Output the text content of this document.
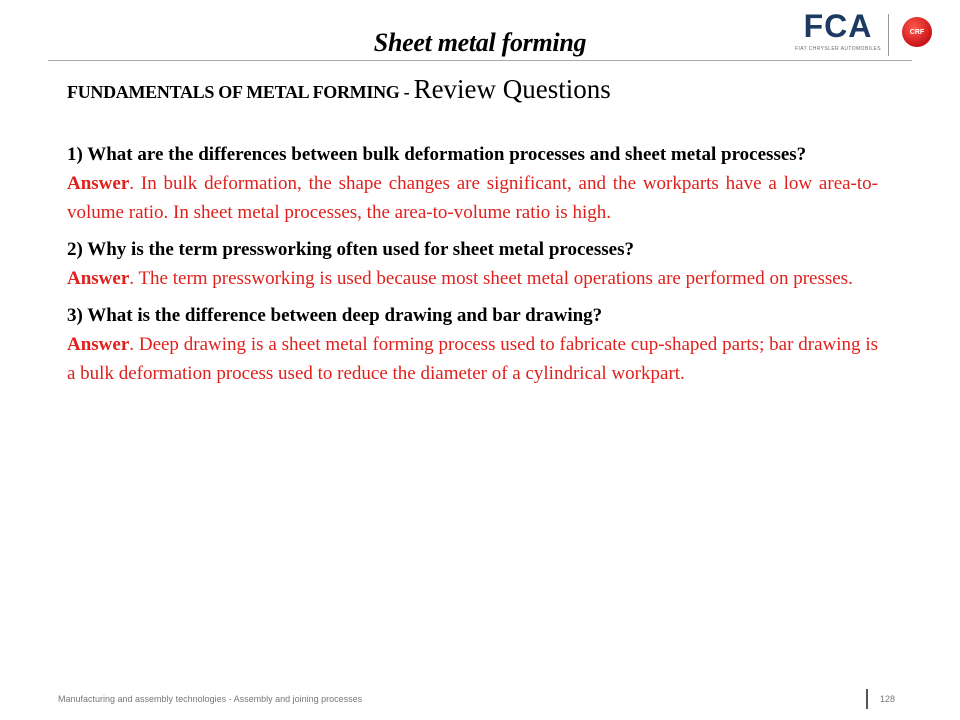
Sheet metal forming	FCA
FIAT CHRYSLER AUTOMOBILES
CRF
FUNDAMENTALS OF METAL FORMING - Review Questions
1) What are the differences between bulk deformation processes and sheet metal processes?
Answer. In bulk deformation, the shape changes are significant, and the workparts have a low area-to-volume ratio. In sheet metal processes, the area-to-volume ratio is high.
2) Why is the term pressworking often used for sheet metal processes?
Answer. The term pressworking is used because most sheet metal operations are performed on presses.
3) What is the difference between deep drawing and bar drawing?
Answer. Deep drawing is a sheet metal forming process used to fabricate cup-shaped parts; bar drawing is a bulk deformation process used to reduce the diameter of a cylindrical workpart.
Manufacturing and assembly technologies - Assembly and joining processes	128
